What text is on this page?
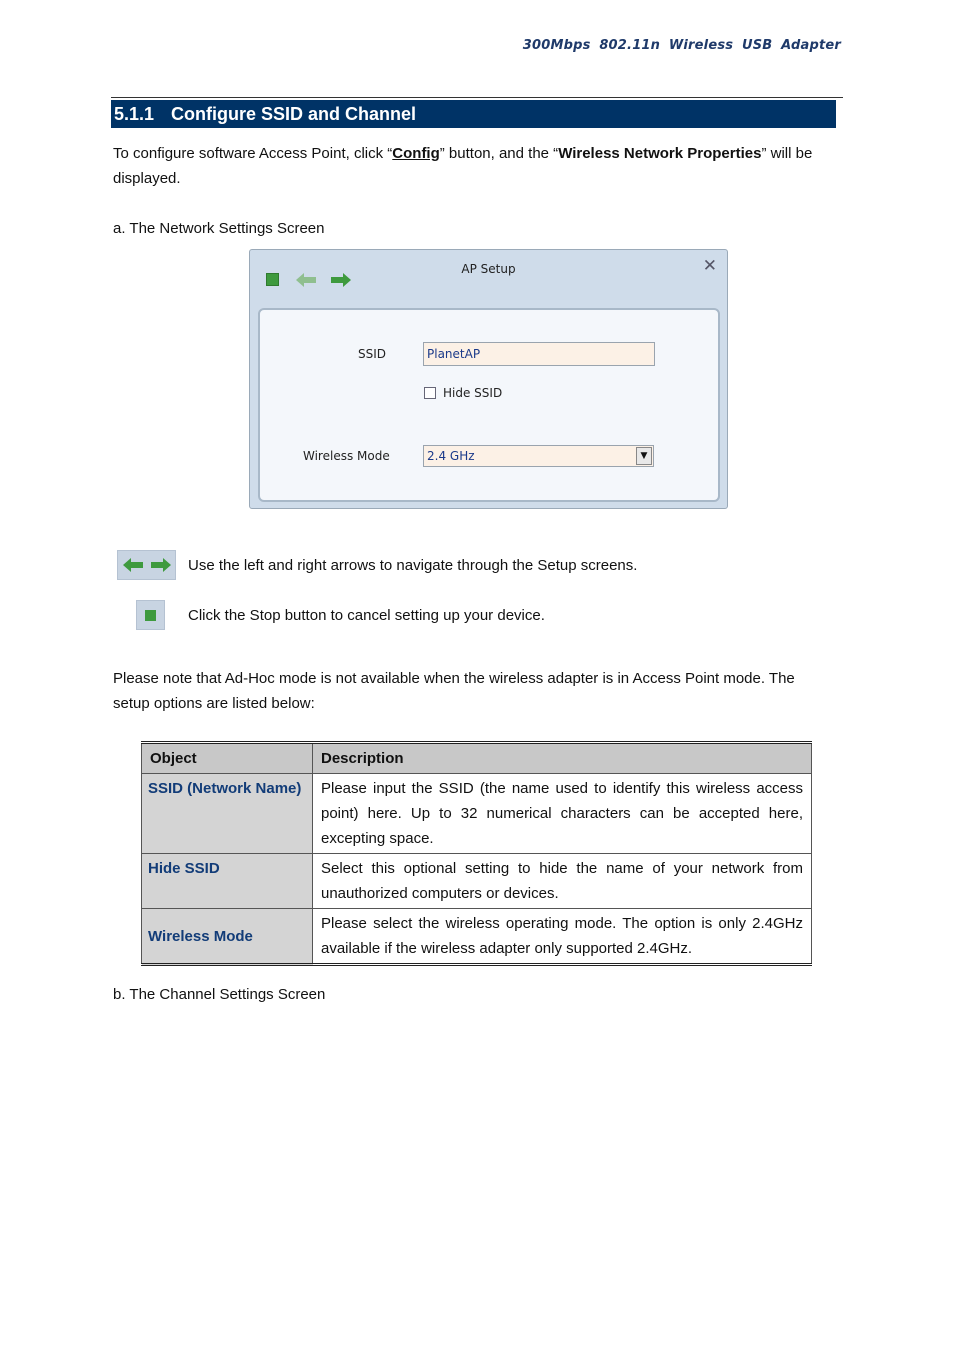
300Mbps 802.11n Wireless USB Adapter
5.1.1 Configure SSID and Channel
To configure software Access Point, click “Config” button, and the “Wireless Network Properties” will be displayed.
a. The Network Settings Screen
AP Setup	✕
SSID	PlanetAP
Hide SSID
Wireless Mode	2.4 GHz	▼
Use the left and right arrows to navigate through the Setup screens.
Click the Stop button to cancel setting up your device.
Please note that Ad-Hoc mode is not available when the wireless adapter is in Access Point mode. The setup options are listed below:
Object	Description
SSID (Network Name)	Please input the SSID (the name used to identify this wireless access point) here. Up to 32 numerical characters can be accepted here, excepting space.
Hide SSID	Select this optional setting to hide the name of your network from unauthorized computers or devices.
Wireless Mode	Please select the wireless operating mode. The option is only 2.4GHz available if the wireless adapter only supported 2.4GHz.
b. The Channel Settings Screen
